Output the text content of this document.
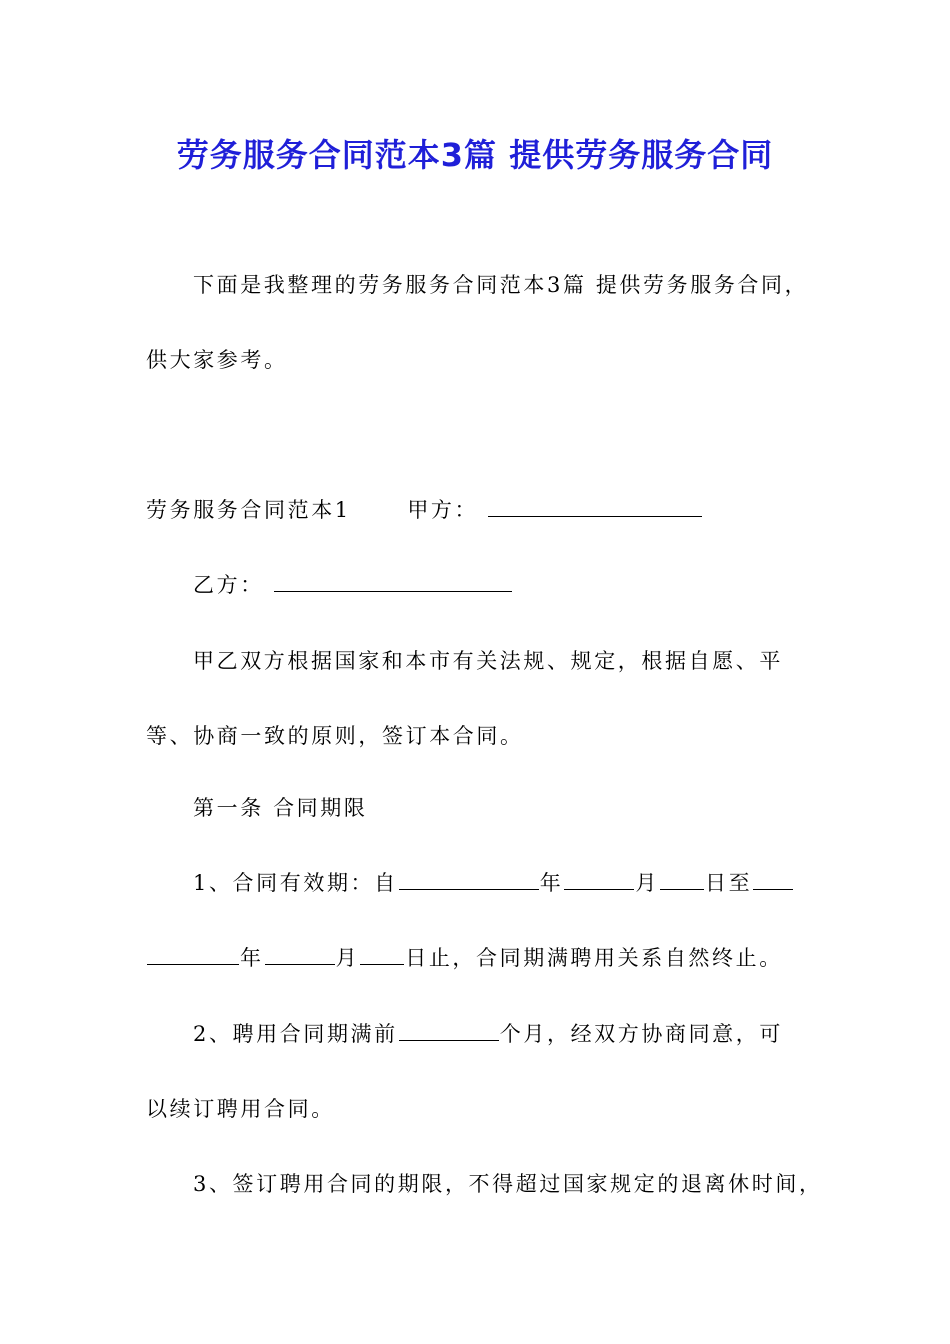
劳务服务合同范本3篇 提供劳务服务合同
下面是我整理的劳务服务合同范本3篇 提供劳务服务合同，
供大家参考。
劳务服务合同范本1	甲方：
乙方：
甲乙双方根据国家和本市有关法规、规定，根据自愿、平
等、协商一致的原则，签订本合同。
第一条 合同期限
1、合同有效期：自	年	月 日至
年	月 日止，合同期满聘用关系自然终止。
2、聘用合同期满前	个月，经双方协商同意，可
以续订聘用合同。
3、签订聘用合同的期限，不得超过国家规定的退离休时间，
